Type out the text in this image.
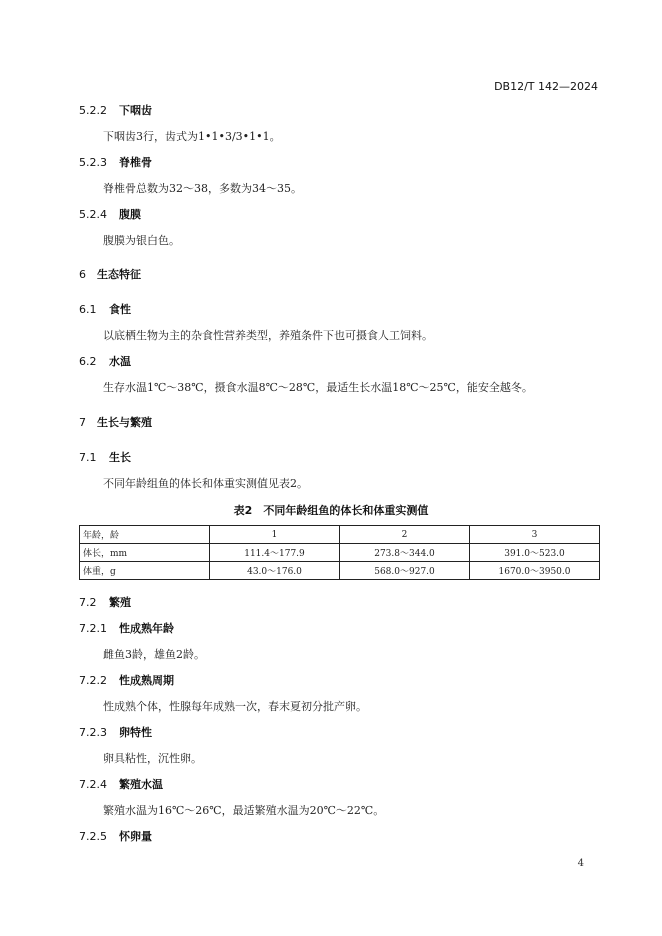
DB12/T 142—2024
5.2.2 下咽齿
下咽齿3行，齿式为1•1•3/3•1•1。
5.2.3 脊椎骨
脊椎骨总数为32～38，多数为34～35。
5.2.4 腹膜
腹膜为银白色。
6 生态特征
6.1 食性
以底栖生物为主的杂食性营养类型，养殖条件下也可摄食人工饲料。
6.2 水温
生存水温1℃～38℃，摄食水温8℃～28℃，最适生长水温18℃～25℃，能安全越冬。
7 生长与繁殖
7.1 生长
不同年龄组鱼的体长和体重实测值见表2。
表2　不同年龄组鱼的体长和体重实测值
年龄，龄	1	2	3
体长，mm	111.4～177.9	273.8～344.0	391.0～523.0
体重，g	43.0～176.0	568.0～927.0	1670.0～3950.0
7.2 繁殖
7.2.1 性成熟年龄
雌鱼3龄，雄鱼2龄。
7.2.2 性成熟周期
性成熟个体，性腺每年成熟一次，春末夏初分批产卵。
7.2.3 卵特性
卵具粘性，沉性卵。
7.2.4 繁殖水温
繁殖水温为16℃～26℃，最适繁殖水温为20℃～22℃。
7.2.5 怀卵量
4
